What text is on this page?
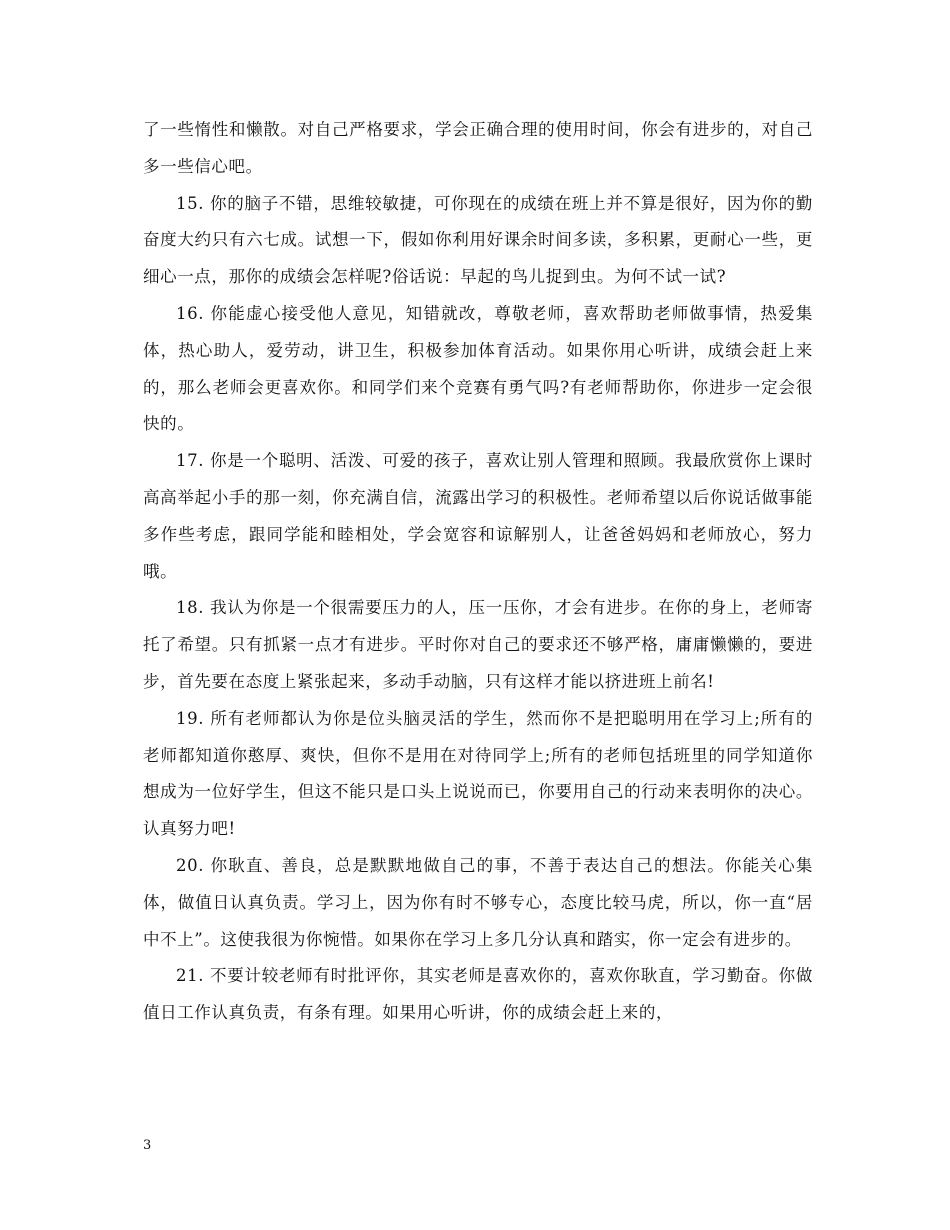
了一些惰性和懒散。对自己严格要求，学会正确合理的使用时间，你会有进步的，对自己多一些信心吧。

15. 你的脑子不错，思维较敏捷，可你现在的成绩在班上并不算是很好，因为你的勤奋度大约只有六七成。试想一下，假如你利用好课余时间多读，多积累，更耐心一些，更细心一点，那你的成绩会怎样呢?俗话说：早起的鸟儿捉到虫。为何不试一试?

16. 你能虚心接受他人意见，知错就改，尊敬老师，喜欢帮助老师做事情，热爱集体，热心助人，爱劳动，讲卫生，积极参加体育活动。如果你用心听讲，成绩会赶上来的，那么老师会更喜欢你。和同学们来个竞赛有勇气吗?有老师帮助你，你进步一定会很快的。

17. 你是一个聪明、活泼、可爱的孩子，喜欢让别人管理和照顾。我最欣赏你上课时高高举起小手的那一刻，你充满自信，流露出学习的积极性。老师希望以后你说话做事能多作些考虑，跟同学能和睦相处，学会宽容和谅解别人，让爸爸妈妈和老师放心，努力哦。

18. 我认为你是一个很需要压力的人，压一压你，才会有进步。在你的身上，老师寄托了希望。只有抓紧一点才有进步。平时你对自己的要求还不够严格，庸庸懒懒的，要进步，首先要在态度上紧张起来，多动手动脑，只有这样才能以挤进班上前名!

19. 所有老师都认为你是位头脑灵活的学生，然而你不是把聪明用在学习上;所有的老师都知道你憨厚、爽快，但你不是用在对待同学上;所有的老师包括班里的同学知道你想成为一位好学生，但这不能只是口头上说说而已，你要用自己的行动来表明你的决心。认真努力吧!

20. 你耿直、善良，总是默默地做自己的事，不善于表达自己的想法。你能关心集体，做值日认真负责。学习上，因为你有时不够专心，态度比较马虎，所以，你一直“居中不上”。这使我很为你惋惜。如果你在学习上多几分认真和踏实，你一定会有进步的。

21. 不要计较老师有时批评你，其实老师是喜欢你的，喜欢你耿直，学习勤奋。你做值日工作认真负责，有条有理。如果用心听讲，你的成绩会赶上来的，

3
